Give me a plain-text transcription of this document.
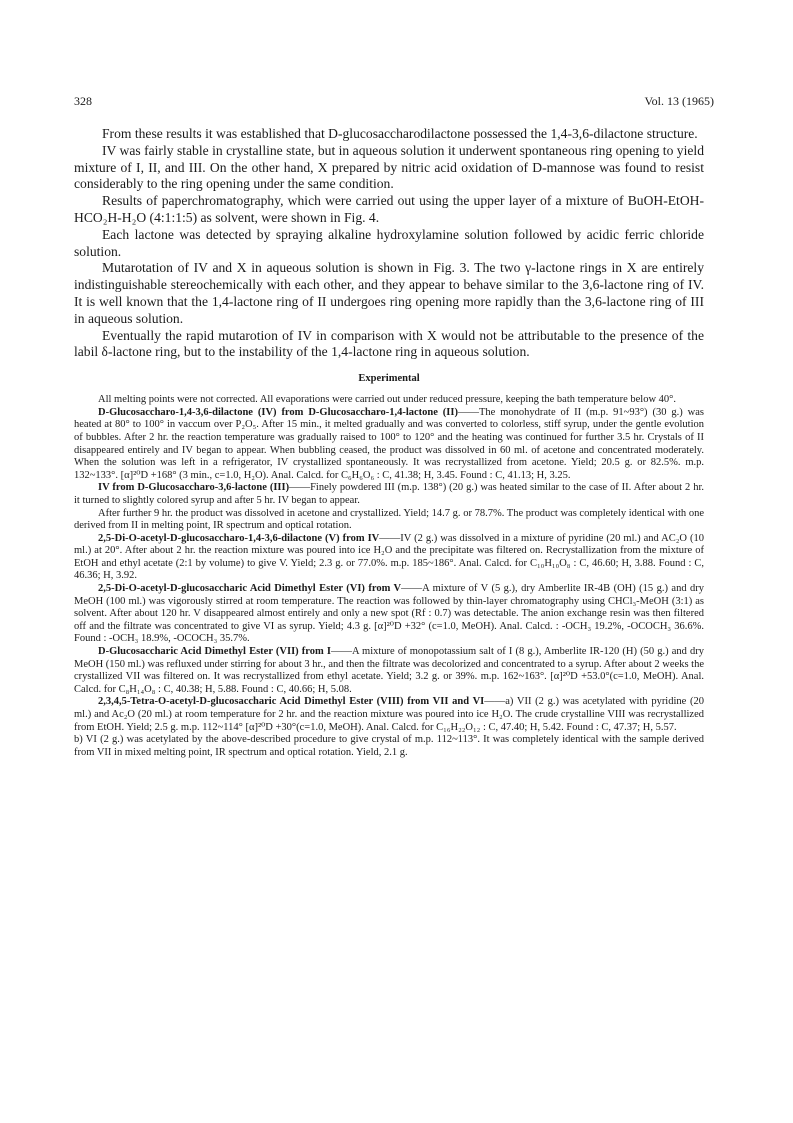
328	Vol. 13 (1965)

From these results it was established that D-glucosaccharodilactone possessed the 1,4-3,6-dilactone structure.

IV was fairly stable in crystalline state, but in aqueous solution it underwent spontaneous ring opening to yield mixture of I, II, and III. On the other hand, X prepared by nitric acid oxidation of D-mannose was found to resist considerably to the ring opening under the same condition.

Results of paperchromatography, which were carried out using the upper layer of a mixture of BuOH-EtOH-HCO₂H-H₂O (4:1:1:5) as solvent, were shown in Fig. 4.

Each lactone was detected by spraying alkaline hydroxylamine solution followed by acidic ferric chloride solution.

Mutarotation of IV and X in aqueous solution is shown in Fig. 3. The two γ-lactone rings in X are entirely indistinguishable stereochemically with each other, and they appear to behave similar to the 3,6-lactone ring of IV. It is well known that the 1,4-lactone ring of II undergoes ring opening more rapidly than the 3,6-lactone ring of III in aqueous solution.

Eventually the rapid mutarotion of IV in comparison with X would not be attributable to the presence of the labil δ-lactone ring, but to the instability of the 1,4-lactone ring in aqueous solution.

Experimental

All melting points were not corrected. All evaporations were carried out under reduced pressure, keeping the bath temperature below 40°.

D-Glucosaccharo-1,4-3,6-dilactone (IV) from D-Glucosaccharo-1,4-lactone (II)——The monohydrate of II (m.p. 91~93°) (30 g.) was heated at 80° to 100° in vaccum over P₂O₅. After 15 min., it melted gradually and was converted to colorless, stiff syrup, under the gentle evolution of bubbles. After 2 hr. the reaction temperature was gradually raised to 100° to 120° and the heating was continued for further 3.5 hr. Crystals of II disappeared entirely and IV began to appear. When bubbling ceased, the product was dissolved in 60 ml. of acetone and concentrated moderately. When the solution was left in a refrigerator, IV crystallized spontaneously. It was recrystallized from acetone. Yield; 20.5 g. or 82.5%. m.p. 132~133°. [α]²⁰D +168° (3 min., c=1.0, H₂O). Anal. Calcd. for C₆H₆O₆ : C, 41.38; H, 3.45. Found : C, 41.13; H, 3.25.

IV from D-Glucosaccharo-3,6-lactone (III)——Finely powdered III (m.p. 138°) (20 g.) was heated similar to the case of II. After about 2 hr. it turned to slightly colored syrup and after 5 hr. IV began to appear.

After further 9 hr. the product was dissolved in acetone and crystallized. Yield; 14.7 g. or 78.7%. The product was completely identical with one derived from II in melting point, IR spectrum and optical rotation.

2,5-Di-O-acetyl-D-glucosaccharo-1,4-3,6-dilactone (V) from IV——IV (2 g.) was dissolved in a mixture of pyridine (20 ml.) and AC₂O (10 ml.) at 20°. After about 2 hr. the reaction mixture was poured into ice H₂O and the precipitate was filtered on. Recrystallization from the mixture of EtOH and ethyl acetate (2:1 by volume) to give V. Yield; 2.3 g. or 77.0%. m.p. 185~186°. Anal. Calcd. for C₁₀H₁₀O₈ : C, 46.60; H, 3.88. Found : C, 46.36; H, 3.92.

2,5-Di-O-acetyl-D-glucosaccharic Acid Dimethyl Ester (VI) from V——A mixture of V (5 g.), dry Amberlite IR-4B (OH) (15 g.) and dry MeOH (100 ml.) was vigorously stirred at room temperature. The reaction was followed by thin-layer chromatography using CHCl₃-MeOH (3:1) as solvent. After about 120 hr. V disappeared almost entirely and only a new spot (Rf : 0.7) was detectable. The anion exchange resin was then filtered off and the filtrate was concentrated to give VI as syrup. Yield; 4.3 g. [α]²⁰D +32° (c=1.0, MeOH). Anal. Calcd. : -OCH₃ 19.2%, -OCOCH₃ 36.6%. Found : -OCH₃ 18.9%, -OCOCH₃ 35.7%.

D-Glucosaccharic Acid Dimethyl Ester (VII) from I——A mixture of monopotassium salt of I (8 g.), Amberlite IR-120 (H) (50 g.) and dry MeOH (150 ml.) was refluxed under stirring for about 3 hr., and then the filtrate was decolorized and concentrated to a syrup. After about 2 weeks the crystallized VII was filtered on. It was recrystallized from ethyl acetate. Yield; 3.2 g. or 39%. m.p. 162~163°. [α]²⁰D +53.0°(c=1.0, MeOH). Anal. Calcd. for C₈H₁₄O₈ : C, 40.38; H, 5.88. Found : C, 40.66; H, 5.08.

2,3,4,5-Tetra-O-acetyl-D-glucosaccharic Acid Dimethyl Ester (VIII) from VII and VI——a) VII (2 g.) was acetylated with pyridine (20 ml.) and Ac₂O (20 ml.) at room temperature for 2 hr. and the reaction mixture was poured into ice H₂O. The crude crystalline VIII was recrystallized from EtOH. Yield; 2.5 g. m.p. 112~114° [α]²⁰D +30°(c=1.0, MeOH). Anal. Calcd. for C₁₆H₂₂O₁₂ : C, 47.40; H, 5.42. Found : C, 47.37; H, 5.57.

b) VI (2 g.) was acetylated by the above-described procedure to give crystal of m.p. 112~113°. It was completely identical with the sample derived from VII in mixed melting point, IR spectrum and optical rotation. Yield, 2.1 g.
